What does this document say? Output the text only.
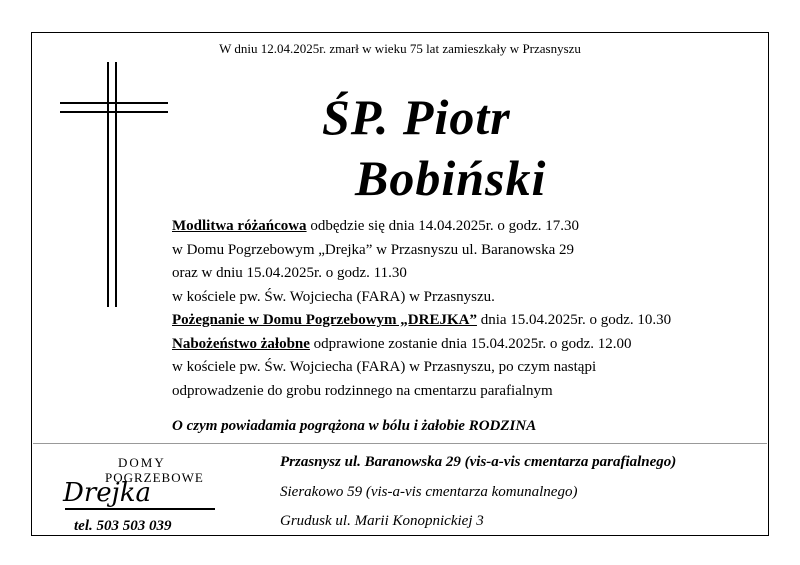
W dniu 12.04.2025r. zmarł w wieku 75 lat zamieszkały w Przasnyszu
ŚP. Piotr
Bobiński
Modlitwa różańcowa odbędzie się dnia 14.04.2025r. o godz. 17.30
w Domu Pogrzebowym „Drejka” w Przasnyszu ul. Baranowska 29
oraz w dniu 15.04.2025r. o godz. 11.30
w kościele pw. Św. Wojciecha (FARA) w Przasnyszu.
Pożegnanie w Domu Pogrzebowym „DREJKA” dnia 15.04.2025r. o godz. 10.30
Nabożeństwo żałobne odprawione zostanie dnia 15.04.2025r. o godz. 12.00
w kościele pw. Św. Wojciecha (FARA) w Przasnyszu, po czym nastąpi
odprowadzenie do grobu rodzinnego na cmentarzu parafialnym
O czym powiadamia pogrążona w bólu i żałobie RODZINA
DOMY
POGRZEBOWE
Drejka
tel. 503 503 039
Przasnysz ul. Baranowska 29 (vis-a-vis cmentarza parafialnego)
Sierakowo 59 (vis-a-vis cmentarza komunalnego)
Grudusk ul. Marii Konopnickiej 3
